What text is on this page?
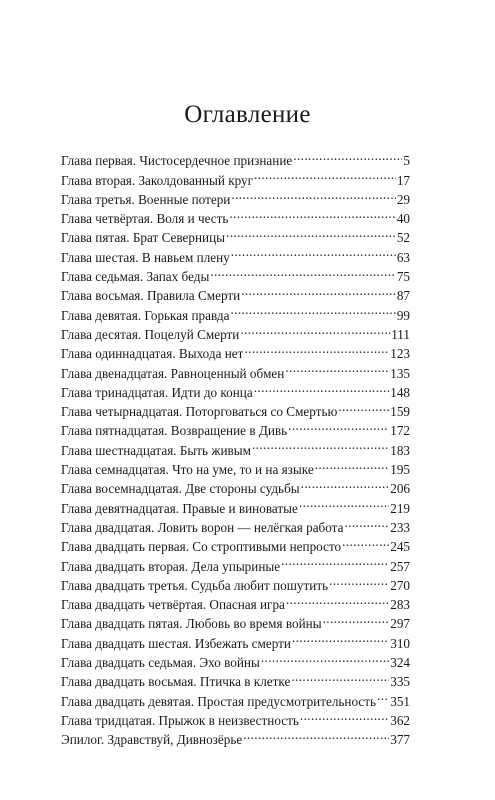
Оглавление
Глава первая. Чистосердечное признание .....	5
Глава вторая. Заколдованный круг .....	17
Глава третья. Военные потери .....	29
Глава четвёртая. Воля и честь .....	40
Глава пятая. Брат Северницы .....	52
Глава шестая. В навьем плену .....	63
Глава седьмая. Запах беды .....	75
Глава восьмая. Правила Смерти .....	87
Глава девятая. Горькая правда .....	99
Глава десятая. Поцелуй Смерти .....	111
Глава одиннадцатая. Выхода нет .....	123
Глава двенадцатая. Равноценный обмен .....	135
Глава тринадцатая. Идти до конца .....	148
Глава четырнадцатая. Поторговаться со Смертью .....	159
Глава пятнадцатая. Возвращение в Дивь .....	172
Глава шестнадцатая. Быть живым .....	183
Глава семнадцатая. Что на уме, то и на языке .....	195
Глава восемнадцатая. Две стороны судьбы .....	206
Глава девятнадцатая. Правые и виноватые .....	219
Глава двадцатая. Ловить ворон — нелёгкая работа .....	233
Глава двадцать первая. Со строптивыми непросто .....	245
Глава двадцать вторая. Дела упыриные .....	257
Глава двадцать третья. Судьба любит пошутить .....	270
Глава двадцать четвёртая. Опасная игра .....	283
Глава двадцать пятая. Любовь во время войны .....	297
Глава двадцать шестая. Избежать смерти .....	310
Глава двадцать седьмая. Эхо войны .....	324
Глава двадцать восьмая. Птичка в клетке .....	335
Глава двадцать девятая. Простая предусмотрительность ..... 351
Глава тридцатая. Прыжок в неизвестность .....	362
Эпилог. Здравствуй, Дивнозёрье .....	377
